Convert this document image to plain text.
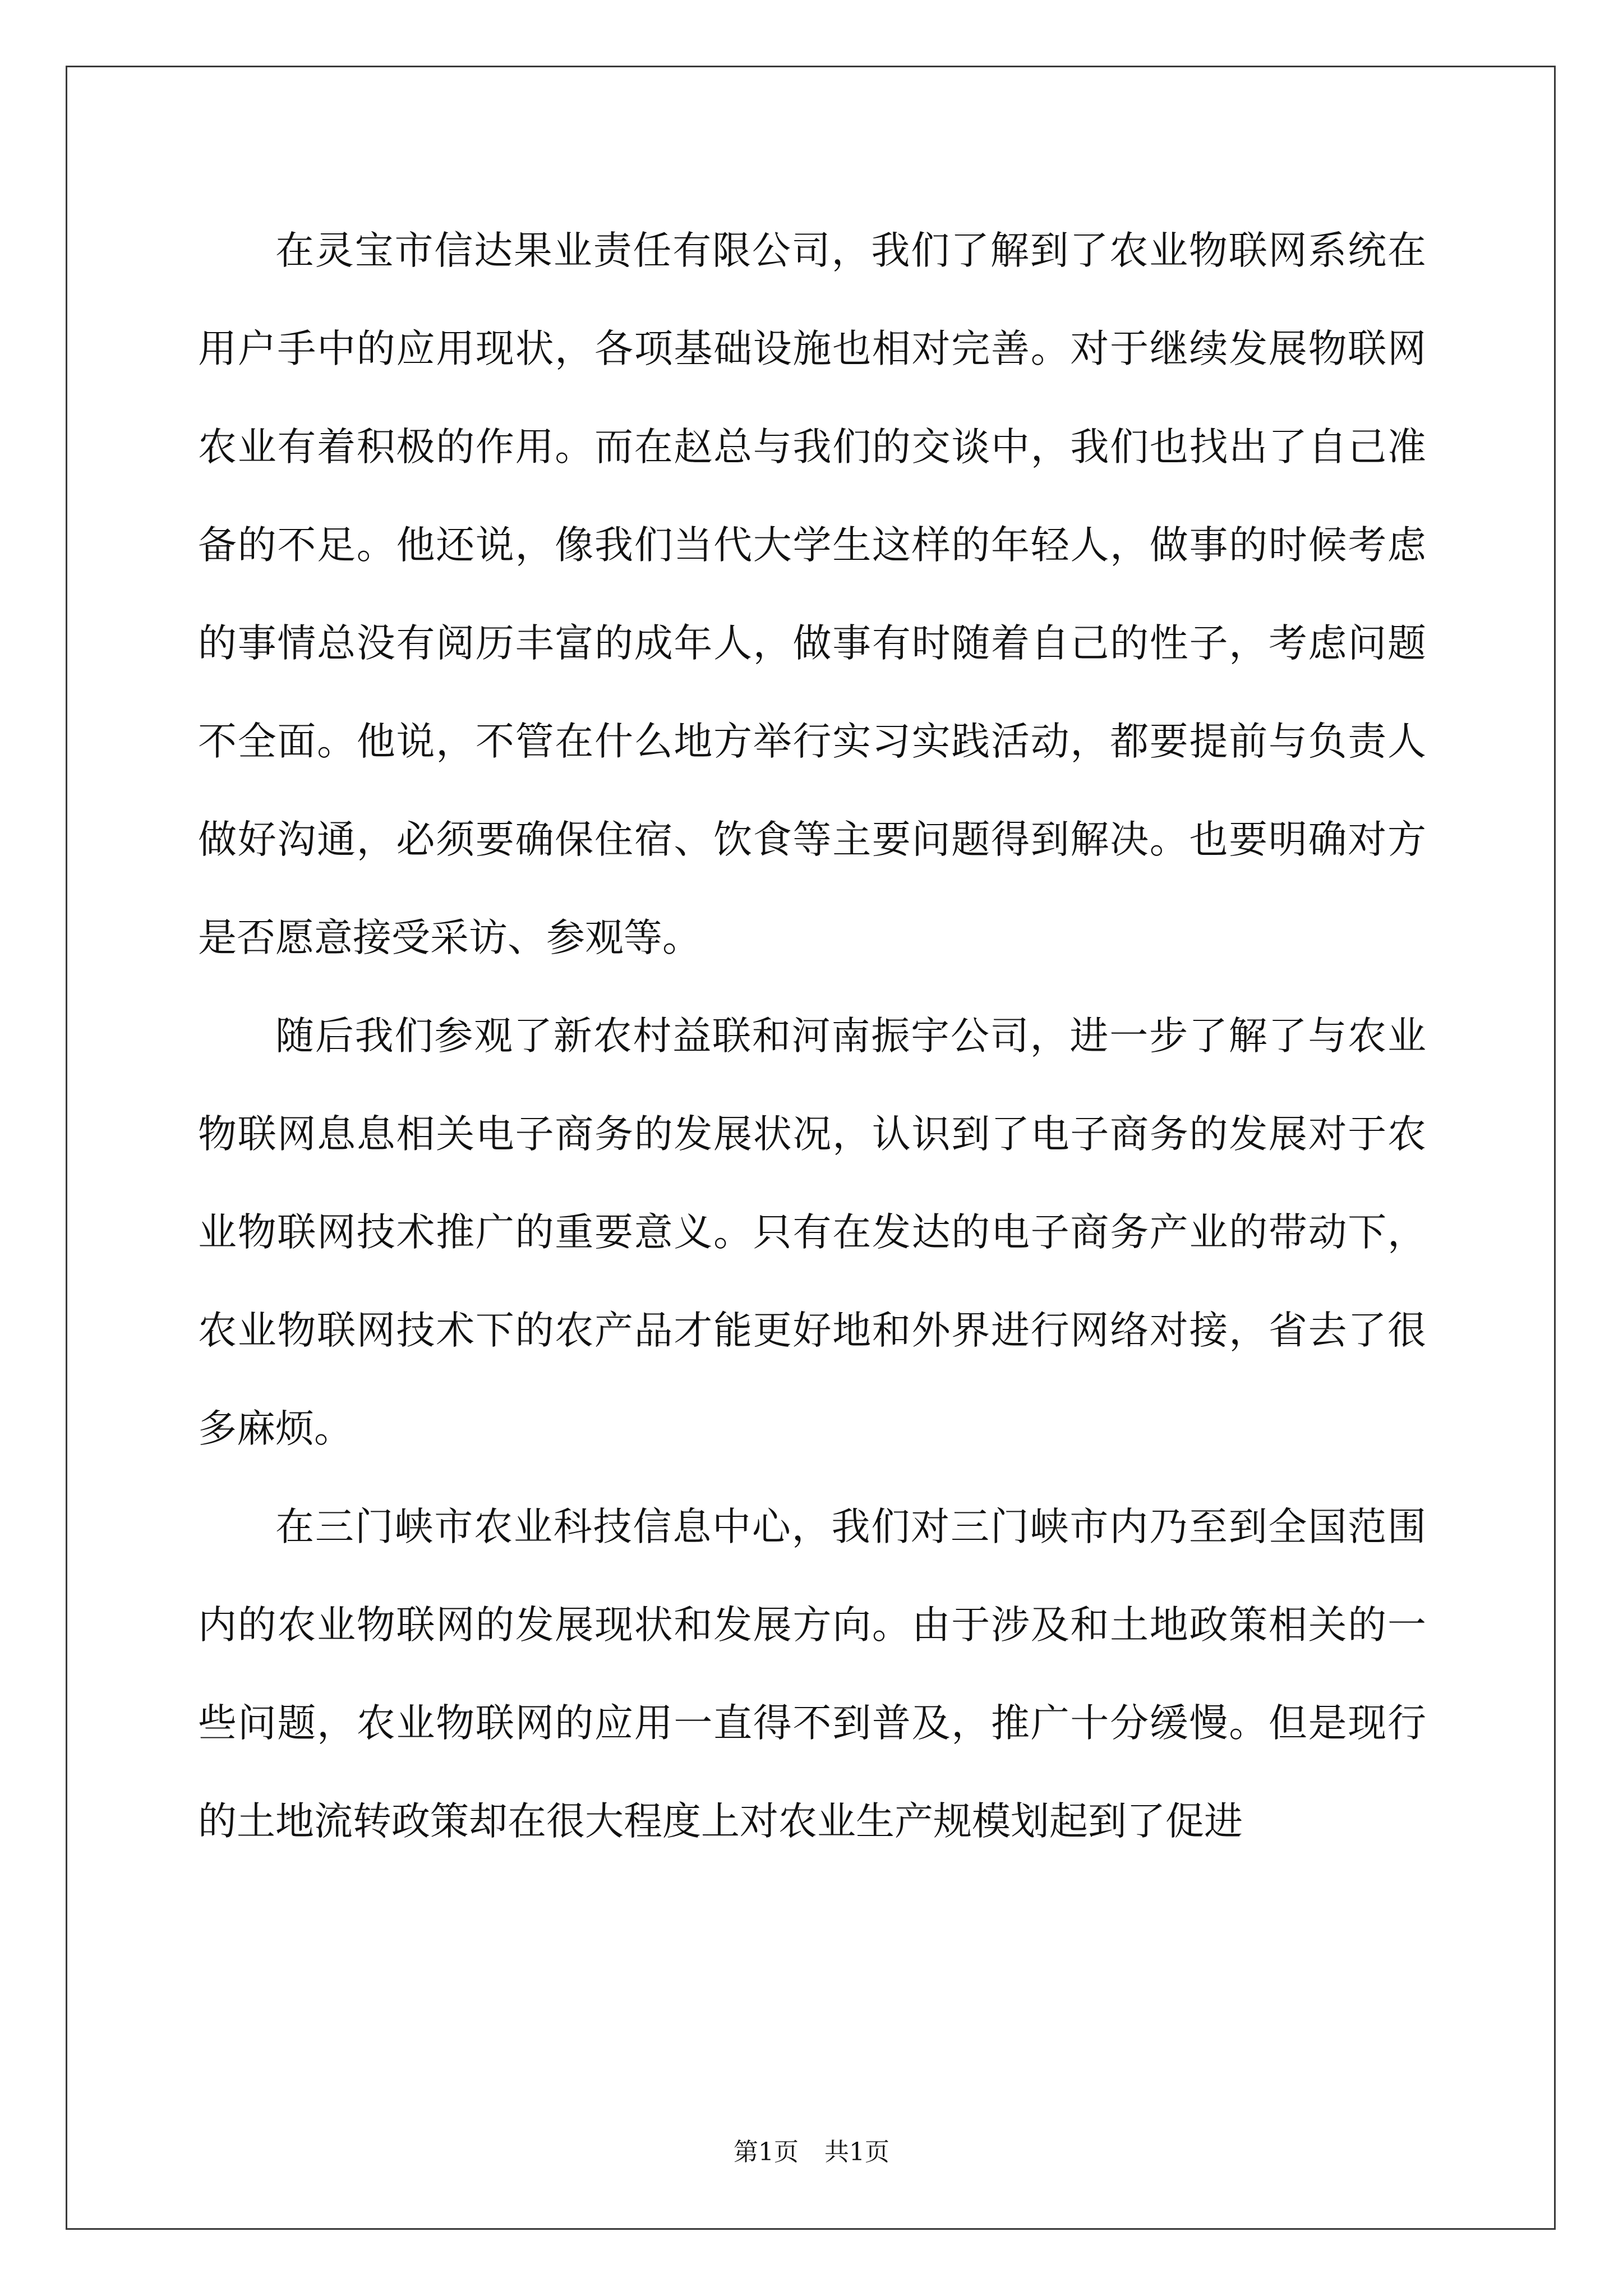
在灵宝市信达果业责任有限公司，我们了解到了农业物联网系统在用户手中的应用现状，各项基础设施也相对完善。对于继续发展物联网农业有着积极的作用。而在赵总与我们的交谈中，我们也找出了自己准备的不足。他还说，像我们当代大学生这样的年轻人，做事的时候考虑的事情总没有阅历丰富的成年人，做事有时随着自己的性子，考虑问题不全面。他说，不管在什么地方举行实习实践活动，都要提前与负责人做好沟通，必须要确保住宿、饮食等主要问题得到解决。也要明确对方是否愿意接受采访、参观等。

随后我们参观了新农村益联和河南振宇公司，进一步了解了与农业物联网息息相关电子商务的发展状况，认识到了电子商务的发展对于农业物联网技术推广的重要意义。只有在发达的电子商务产业的带动下，农业物联网技术下的农产品才能更好地和外界进行网络对接，省去了很多麻烦。

在三门峡市农业科技信息中心，我们对三门峡市内乃至到全国范围内的农业物联网的发展现状和发展方向。由于涉及和土地政策相关的一些问题，农业物联网的应用一直得不到普及，推广十分缓慢。但是现行的土地流转政策却在很大程度上对农业生产规模划起到了促进

第1页 共1页
